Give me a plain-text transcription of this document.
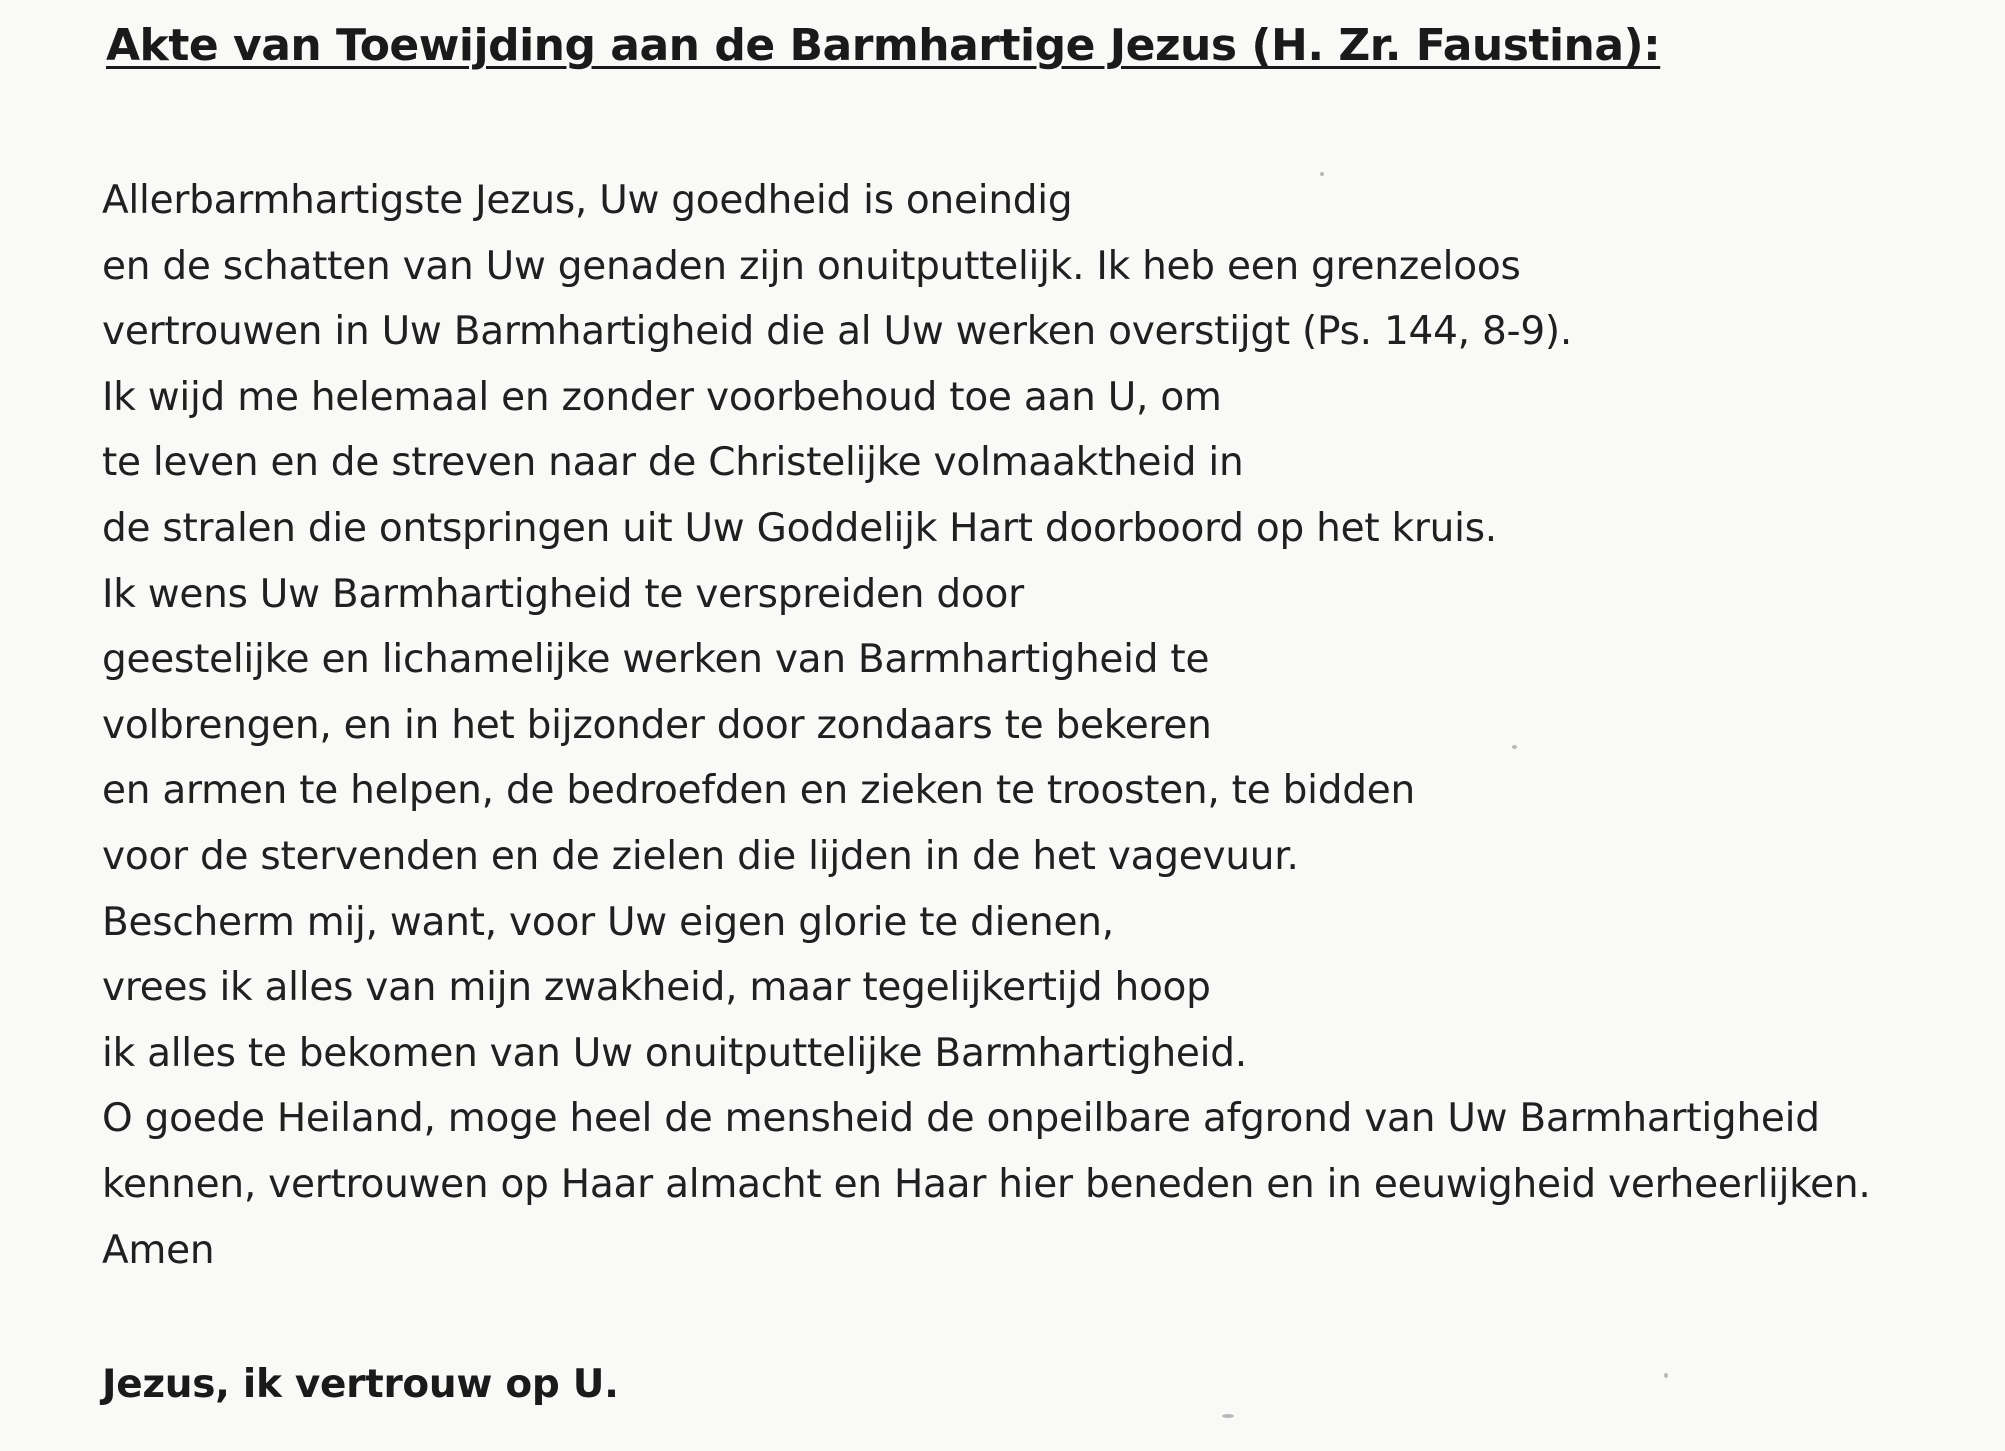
Akte van Toewijding aan de Barmhartige Jezus (H. Zr. Faustina):
Allerbarmhartigste Jezus, Uw goedheid is oneindig
en de schatten van Uw genaden zijn onuitputtelijk. Ik heb een grenzeloos
vertrouwen in Uw Barmhartigheid die al Uw werken overstijgt (Ps. 144, 8-9).
Ik wijd me helemaal en zonder voorbehoud toe aan U, om
te leven en de streven naar de Christelijke volmaaktheid in
de stralen die ontspringen uit Uw Goddelijk Hart doorboord op het kruis.
Ik wens Uw Barmhartigheid te verspreiden door
geestelijke en lichamelijke werken van Barmhartigheid te
volbrengen, en in het bijzonder door zondaars te bekeren
en armen te helpen, de bedroefden en zieken te troosten, te bidden
voor de stervenden en de zielen die lijden in de het vagevuur.
Bescherm mij, want, voor Uw eigen glorie te dienen,
vrees ik alles van mijn zwakheid, maar tegelijkertijd hoop
ik alles te bekomen van Uw onuitputtelijke Barmhartigheid.
O goede Heiland, moge heel de mensheid de onpeilbare afgrond van Uw Barmhartigheid
kennen, vertrouwen op Haar almacht en Haar hier beneden en in eeuwigheid verheerlijken.
Amen
Jezus, ik vertrouw op U.
